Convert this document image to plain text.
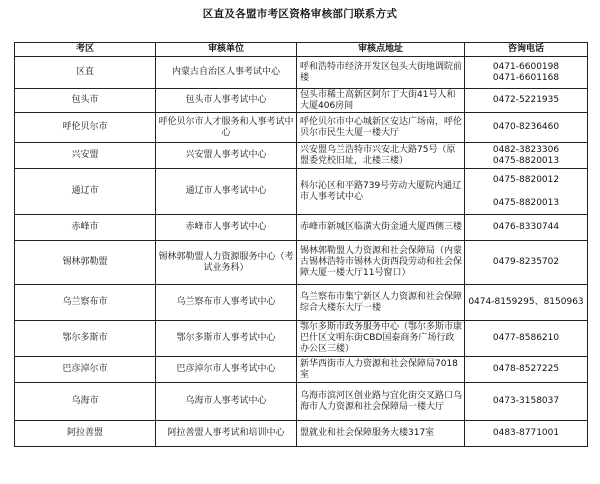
区直及各盟市考区资格审核部门联系方式
考区	审核单位	审核点地址	咨询电话
区直	内蒙古自治区人事考试中心	呼和浩特市经济开发区包头大街地调院前楼	0471-6600198
0471-6601168

包头市	包头市人事考试中心	包头市稀土高新区阿尔丁大街41号人和大厦406房间	0472-5221935

呼伦贝尔市	呼伦贝尔市人才服务和人事考试中心	呼伦贝尔市中心城新区安达广场南，呼伦贝尔市民生大厦一楼大厅	0470-8236460

兴安盟	兴安盟人事考试中心	兴安盟乌兰浩特市兴安北大路75号（原盟委党校旧址，北楼三楼）	0482-3823306
0475-8820013

通辽市	通辽市人事考试中心	科尔沁区和平路739号劳动大厦院内通辽市人事考试中心	0475-8820012
0475-8820013

赤峰市	赤峰市人事考试中心	赤峰市新城区临潢大街金通大厦西侧三楼	0476-8330744

锡林郭勒盟	锡林郭勒盟人力资源服务中心（考试业务科）	锡林郭勒盟人力资源和社会保障局（内蒙古锡林浩特市锡林大街西段劳动和社会保障大厦一楼大厅11号窗口）	0479-8235702

乌兰察布市	乌兰察布市人事考试中心	乌兰察布市集宁新区人力资源和社会保障综合大楼东大厅一楼	0474-8159295、8150963

鄂尔多斯市	鄂尔多斯市人事考试中心	鄂尔多斯市政务服务中心（鄂尔多斯市康巴什区文明东街CBD国泰商务广场行政办公区三楼）	0477-8586210

巴彦淖尔市	巴彦淖尔市人事考试中心	新华西街市人力资源和社会保障局7018室	0478-8527225

乌海市	乌海市人事考试中心	乌海市滨河区创业路与宜化街交叉路口乌海市人力资源和社会保障局一楼大厅	0473-3158037

阿拉善盟	阿拉善盟人事考试和培训中心	盟就业和社会保障服务大楼317室	0483-8771001
